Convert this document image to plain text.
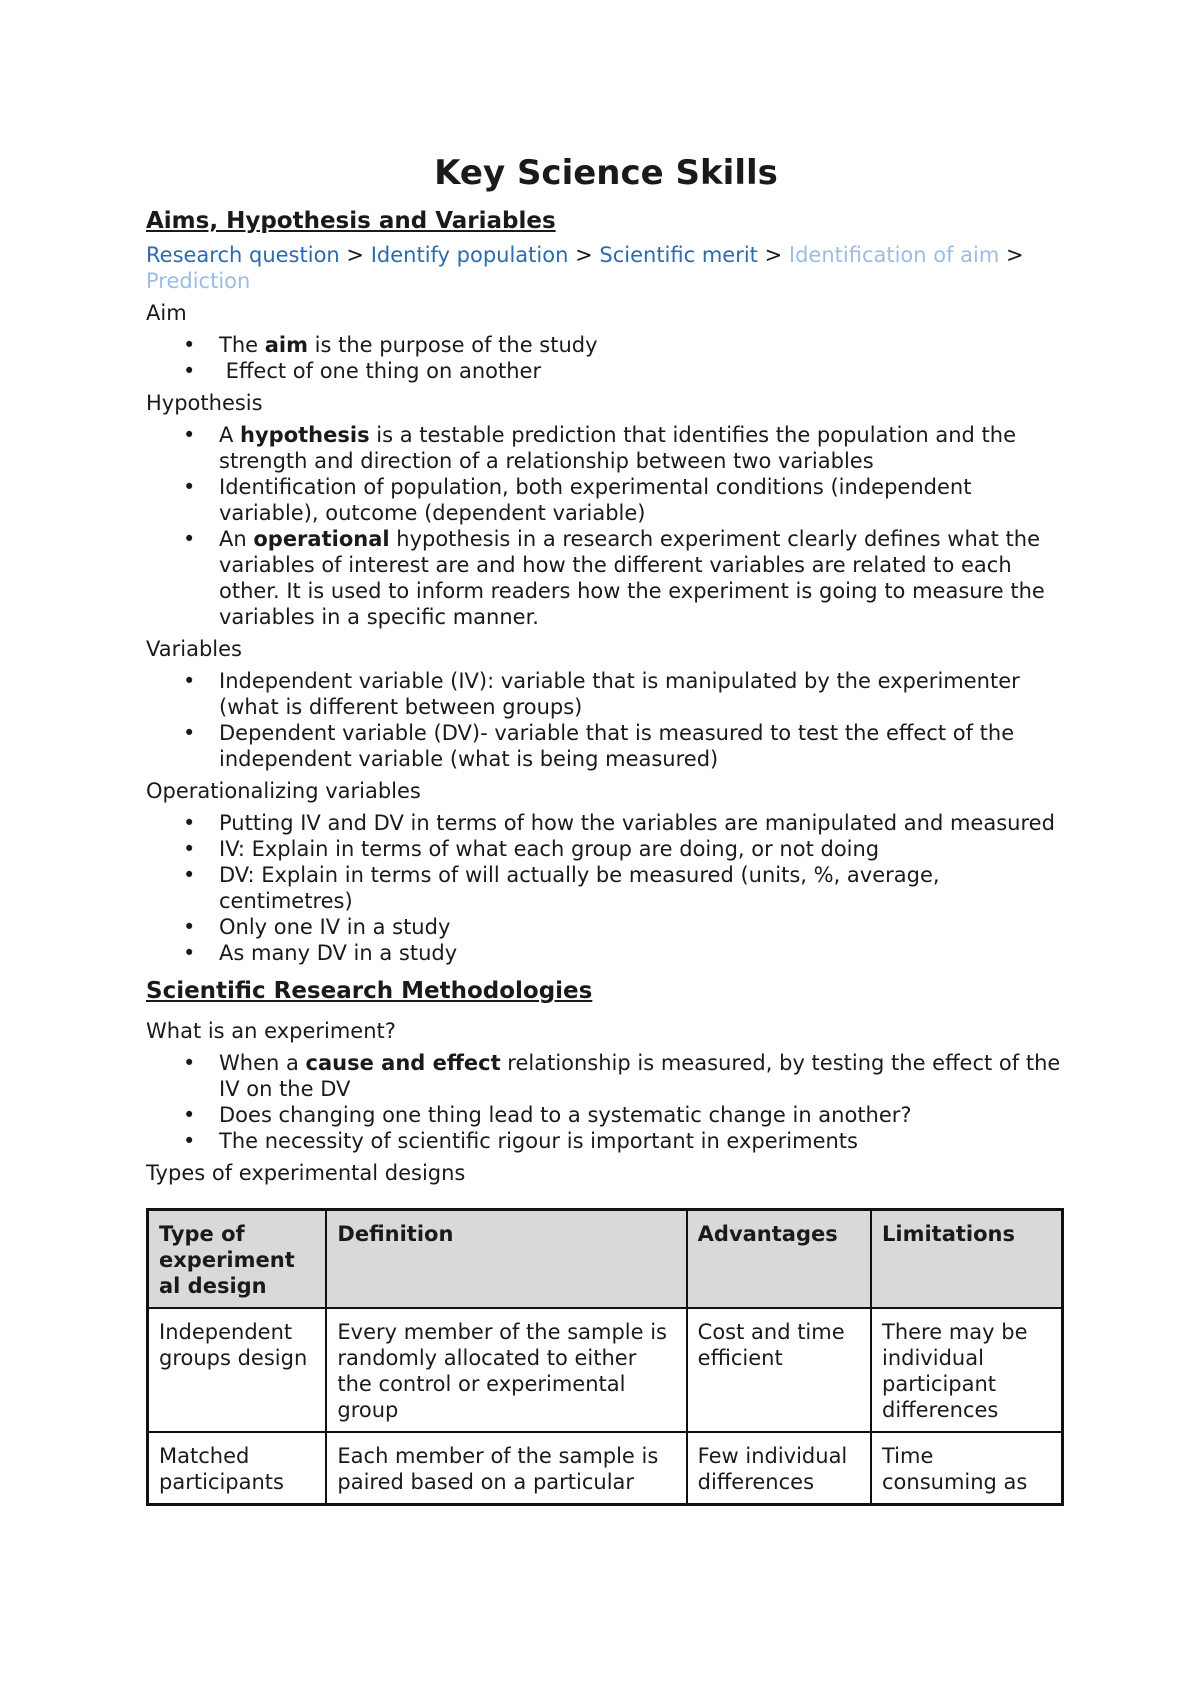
Key Science Skills
Aims, Hypothesis and Variables
Research question > Identify population > Scientific merit > Identification of aim > Prediction
Aim
• The aim is the purpose of the study
•  Effect of one thing on another
Hypothesis
• A hypothesis is a testable prediction that identifies the population and the strength and direction of a relationship between two variables
• Identification of population, both experimental conditions (independent variable), outcome (dependent variable)
• An operational hypothesis in a research experiment clearly defines what the variables of interest are and how the different variables are related to each other. It is used to inform readers how the experiment is going to measure the variables in a specific manner.
Variables
• Independent variable (IV): variable that is manipulated by the experimenter (what is different between groups)
• Dependent variable (DV)- variable that is measured to test the effect of the independent variable (what is being measured)
Operationalizing variables
• Putting IV and DV in terms of how the variables are manipulated and measured
• IV: Explain in terms of what each group are doing, or not doing
• DV: Explain in terms of will actually be measured (units, %, average, centimetres)
• Only one IV in a study
• As many DV in a study
Scientific Research Methodologies
What is an experiment?
• When a cause and effect relationship is measured, by testing the effect of the IV on the DV
• Does changing one thing lead to a systematic change in another?
• The necessity of scientific rigour is important in experiments
Types of experimental designs
Type of experiment al design	Definition	Advantages	Limitations
Independent groups design	Every member of the sample is randomly allocated to either the control or experimental group	Cost and time efficient	There may be individual participant differences
Matched participants	Each member of the sample is paired based on a particular	Few individual differences	Time consuming as
